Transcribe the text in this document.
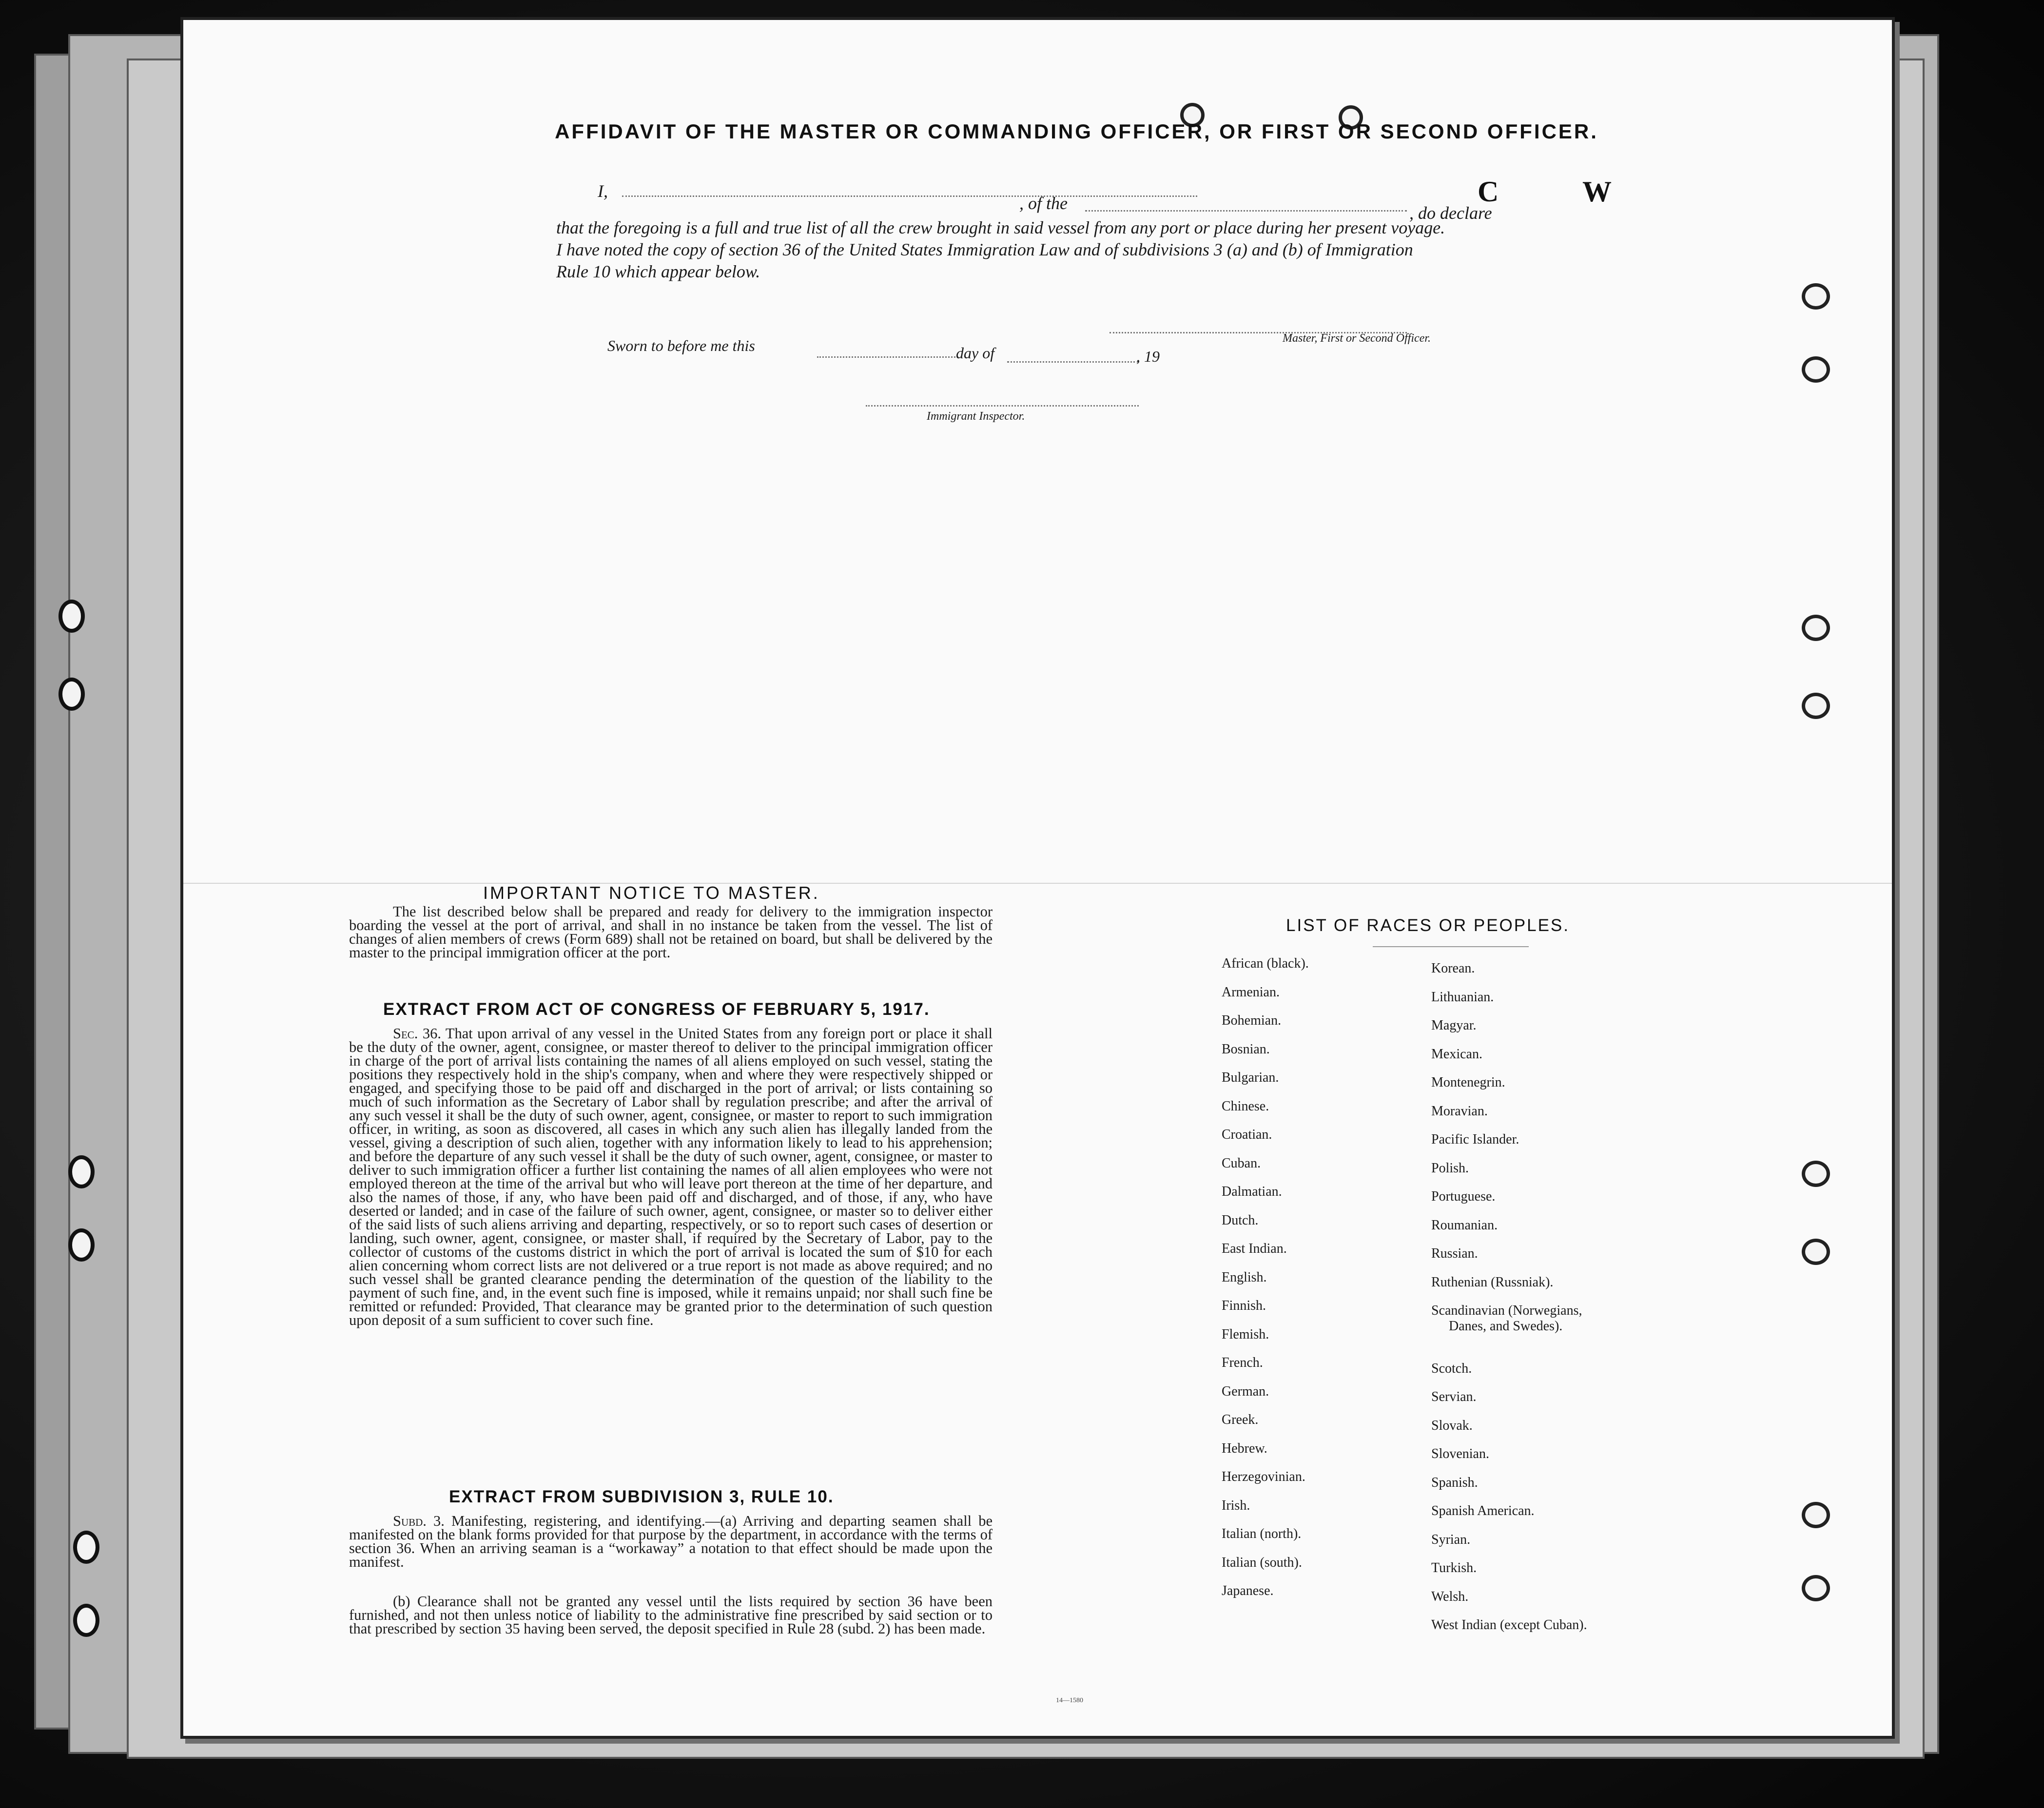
AFFIDAVIT OF THE MASTER OR COMMANDING OFFICER, OR FIRST OR SECOND OFFICER.
C	W
I,
, of the	, do declare
that the foregoing is a full and true list of all the crew brought in said vessel from any port or place during her present voyage.
I have noted the copy of section 36 of the United States Immigration Law and of subdivisions 3 (a) and (b) of Immigration
Rule 10 which appear below.
Master, First or Second Officer.
Sworn to before me this	day of	, 19
Immigrant Inspector.
IMPORTANT NOTICE TO MASTER.
The list described below shall be prepared and ready for delivery to the immigration inspector boarding the vessel at the port of arrival, and shall in no instance be taken from the vessel. The list of changes of alien members of crews (Form 689) shall not be retained on board, but shall be delivered by the master to the principal immigration officer at the port.
EXTRACT FROM ACT OF CONGRESS OF FEBRUARY 5, 1917.
Sec. 36. That upon arrival of any vessel in the United States from any foreign port or place it shall be the duty of the owner, agent, consignee, or master thereof to deliver to the principal immigration officer in charge of the port of arrival lists containing the names of all aliens employed on such vessel, stating the positions they respectively hold in the ship's company, when and where they were respectively shipped or engaged, and specifying those to be paid off and discharged in the port of arrival; or lists containing so much of such information as the Secretary of Labor shall by regulation prescribe; and after the arrival of any such vessel it shall be the duty of such owner, agent, consignee, or master to report to such immigration officer, in writing, as soon as discovered, all cases in which any such alien has illegally landed from the vessel, giving a description of such alien, together with any information likely to lead to his apprehension; and before the departure of any such vessel it shall be the duty of such owner, agent, consignee, or master to deliver to such immigration officer a further list containing the names of all alien employees who were not employed thereon at the time of the arrival but who will leave port thereon at the time of her departure, and also the names of those, if any, who have been paid off and discharged, and of those, if any, who have deserted or landed; and in case of the failure of such owner, agent, consignee, or master so to deliver either of the said lists of such aliens arriving and departing, respectively, or so to report such cases of desertion or landing, such owner, agent, consignee, or master shall, if required by the Secretary of Labor, pay to the collector of customs of the customs district in which the port of arrival is located the sum of $10 for each alien concerning whom correct lists are not delivered or a true report is not made as above required; and no such vessel shall be granted clearance pending the determination of the question of the liability to the payment of such fine, and, in the event such fine is imposed, while it remains unpaid; nor shall such fine be remitted or refunded: Provided, That clearance may be granted prior to the determination of such question upon deposit of a sum sufficient to cover such fine.
EXTRACT FROM SUBDIVISION 3, RULE 10.
Subd. 3. Manifesting, registering, and identifying.—(a) Arriving and departing seamen shall be manifested on the blank forms provided for that purpose by the department, in accordance with the terms of section 36. When an arriving seaman is a “workaway” a notation to that effect should be made upon the manifest.
(b) Clearance shall not be granted any vessel until the lists required by section 36 have been furnished, and not then unless notice of liability to the administrative fine prescribed by said section or to that prescribed by section 35 having been served, the deposit specified in Rule 28 (subd. 2) has been made.
14—1580
LIST OF RACES OR PEOPLES.
African (black).
Armenian.
Bohemian.
Bosnian.
Bulgarian.
Chinese.
Croatian.
Cuban.
Dalmatian.
Dutch.
East Indian.
English.
Finnish.
Flemish.
French.
German.
Greek.
Hebrew.
Herzegovinian.
Irish.
Italian (north).
Italian (south).
Japanese.
Korean.
Lithuanian.
Magyar.
Mexican.
Montenegrin.
Moravian.
Pacific Islander.
Polish.
Portuguese.
Roumanian.
Russian.
Ruthenian (Russniak).
Scandinavian (Norwegians,
Danes, and Swedes).
Scotch.
Servian.
Slovak.
Slovenian.
Spanish.
Spanish American.
Syrian.
Turkish.
Welsh.
West Indian (except Cuban).
